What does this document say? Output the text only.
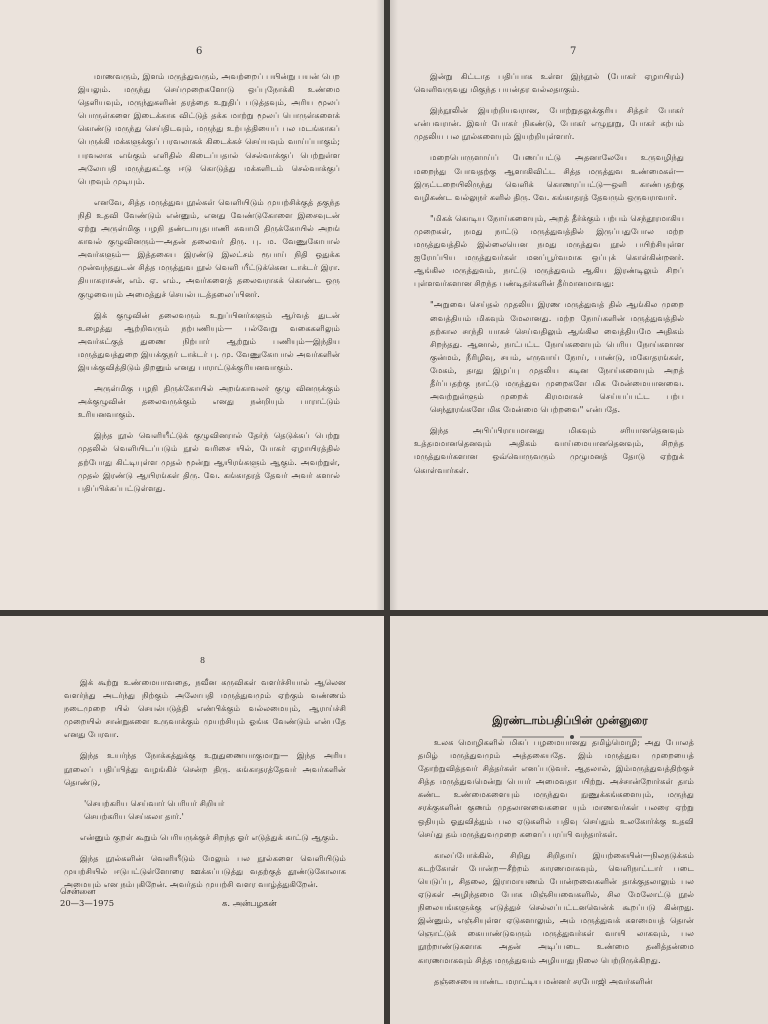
6

மாணவரும், இளம் மருத்துவரும், அவற்றைப் பயின்று பயன் பெற இயலும். மருந்து செய்முறைகளோடு ஒப்புநோக்கி உண்மை தெளியவும், மருந்துகளின் தரத்தை உறுதிப் படுத்தவும், அரிய மூலப் பொருள்களை இடைக்காக விட்டுத் தக்க மாற்று மூலப் பொருள்களைக் கொண்டு மருந்து செய்திடவும், மருந்து உற்பத்தியைப் பல மடங்காகப் பெருக்கி மக்களுக்குப் பரவலாகக் கிடைக்கச் செய்யவும் வாய்ப்பாகும்; பரவலாக எங்கும் எளிதில் கிடைப்பதால் செல்வாக்குப் பெற்றுள்ள அலோபதி மருந்துகட்கு ஈடு கொடுத்து மக்களிடம் செல்வாக்குப் பெறவும் முடியும்.

எனவே, சித்த மருத்துவ நூல்கள் வெளியிடும் முயற்சிக்குத் தகுந்த நிதி உதவி வேண்டும் என்னும், எனது வேண்டுகோளை இசைவுடன் ஏற்று அருள்மிகு பழநி தண்டாயுதபாணி சுவாமி திருக்கோயில் அறங் காவல் குழுவினரும்—அதன் தலைவர் திரு. பு. ம. வேணுகோபால் அவர்களும்— இத்தகைய இரண்டு இலட்சம் ரூபாய் நிதி ஒதுக்க முன்வந்ததுடன் சித்த மருத்துவ நூல் வெளி யீட்டுக்கென டாக்டர் இரா. தியாகராசன், எம். ஏ. எம்., அவர்களைத் தலைவராகக் கொண்ட ஒரு குழுவையும் அமைத்துச் செயல்படத்தலைப்பினர்.

இக் குழுவின் தலைவரும் உறுப்பினர்களும் ஆர்வத் துடன் உழைத்து ஆற்றிவரும் நற்பணியும்— பல்வேறு வகைகளிலும் அவர்கட்குத் துணை நிற்பார் ஆற்றும் பணியும்—இந்திய மருத்துவத்துறை இயக்குநர் டாக்டர் பு. மு. வேணுகோபால் அவர்களின் இயக்குவித்திடும் திறனும் எனது பாராட்டுக்குரியனவாகும்.

அருள்மிகு பழநி திருக்கோயில் அறங்காவலர் குழு வினருக்கும் அக்குழுவின் தலைவருக்கும் எனது நன்றியும் பாராட்டும் உரியனவாகும்.

இந்த நூல் வெளியீட்டுக் குழுவினரால் தேர்ந் தெடுக்கப் பெற்று முதலில் வெளியிடப்படும் நூல் வரிசை யில், போகர் ஏழாயிரத்தில் தற்போது கிட்டியுள்ள முதல் மூன்று ஆயிரங்களும் ஆகும். அவற்றுள், முதல் இரண்டு ஆயிரங்கள் திரு. வே. கங்காதரத் தேவர் அவர் களால் பதிப்பிக்கப்பட்டுள்ளது.

7

இன்று கிட்டாத பதிப்பாக உள்ள இந்நூல் (போகர் ஏழாயிரம்) வெளிவருவது மிகுந்த பயன்தர வல்லதாகும்.

இந்நூலின் இயற்றியவரான, போற்றுதலுக்குரிய சித்தர் போகர் என்பவரான். இவர் போகர் நிகண்டு, போகர் எழுநூறு, போகர் கற்பம் முதலிய பல நூல்களையும் இயற்றியுள்ளார்.

மறைபொருளாய்ப் பேணப்பட்டு அதனாலேயே உருவழிந்து மறைந்து போவதற்கு ஆளாகிவிட்ட சித்த மருத்துவ உண்மைகள்—இருட்டறையிலிருந்து வெளிக் கொணரப்பட்டு—ஒளி காண்பதற்கு வழிகண்ட வல்லுநர் களில் திரு. வே. கங்காதரத் தேவரும் ஒருவராவார்.

"மிகக் கொடிய நோய்களையும், அறத் தீர்க்கும் பற்பம் செந்தூரமாகிய முறைகள், நமது நாட்டு மருத்துவத்தில் இருப்பதுபோல மற்ற மருத்துவத்தில் இல்லையென நமது மருத்துவ நூல் பயிற்சியுள்ள ஐரோப்பிய மருத்துவர்கள் மனப்பூர்வமாக ஒப்புக் கொள்கின்றனர். ஆங்கில மருத்துவம், நாட்டு மருத்துவம் ஆகிய இரண்டிலும் சிறப் புள்ளவர்களான சிறந்த பண்டிதர்களின் தீர்மானமாவது:

"அறுவை செய்தல் முதலிய இரண மருத்துவத் தில் ஆங்கில முறை வைத்தியம் மிகவும் மேலானது. மற்ற நோய்களின் மருத்துவத்தில் தற்கால சாந்தி யாகச் செய்வதிலும் ஆங்கில வைத்தியமே அதிகம் சிறந்தது. ஆனால், நாட்பட்ட நோய்களையும் பெரிய நோய்களான குன்மம், நீரிழிவு, சயம், எருவாய் நோய், பாண்டு, மகோதரங்கள், மேகம், தாது இழப்பு முதலிய கடின நோய்களையும் அறத் தீர்ப்பதற்கு நாட்டு மருத்துவ முறைகளே மிக மேன்மையானவை. அவற்றுள்ளும் முறைக் கிரமமாகச் செய்யப்பட்ட பற்ப செந்தூரங்களே மிக மேன்மை பெற்றவை" என்பதே.

இந்த அபிப்பிராயமானது மிகவும் சரியானதெனவும் உத்தமமானதெனவும் அதிகம் வாய்மையானதெனவும், சிறந்த மருத்துவர்களான ஒவ்வொருவரும் முழுமனத் தோடு ஏற்றுக் கொள்வார்கள்.

8

இக் கூற்று உண்மையாவதை, நவீன கருவிகள் வளர்ச்சியால் ஆலென வளர்ந்து அடர்ந்து நிற்கும் அலோபதி மருத்துவமும் ஏற்கும் வண்ணம் நடைமுறை யில் செயல்படுத்தி எண்பிக்கும் வல்லமையும், ஆராய்ச்சி முறையில் சான்றுகளை உருவாக்கும் முயற்சியும் ஓங்க வேண்டும் என்பதே எனது பேரவா.

இந்த உயர்ந்த நோக்கத்துக்கு உறுதுணையாகுமாறு— இந்த அரிய நூலைப் பதிப்பித்து வழங்கிச் சென்ற திரு. கங்காதரத்தேவர் அவர்களின் தொண்டு,

'செயற்கரிய செய்வார் பெரியர் சிறியர்
செயற்கரிய செய்கலா தார்.'

என்னும் குறள் கூறும் பெரியருக்குச் சிறந்த ஓர் எடுத்துக் காட்டு ஆகும்.

இந்த நூல்களின் வெளியீடும் மேலும் பல நூல்களை வெளியிடும் முயற்சியில் ஈடுபட்டுள்ளோரை ஊக்கப்படுத்து வதற்குத் தூண்டுகோலாக அமையும் என நம்புகிறேன். அவர்தம் முயற்சி வளர வாழ்த்துகிறேன்.

சென்னை
20—3—1975	க. அன்பழகன்
இரண்டாம்பதிப்பின் முன்னுரை

உலக மொழிகளில் மிகப் பழமையானது தமிழ்மொழி; அது போலத் தமிழ் மருத்துவமும் அத்தகையதே. இம் மருத்துவ முறையைத் தோற்றுவித்தவர் சித்தர்கள் எனப்படுவர். ஆதலால், இம்மருத்துவத்திற்குச் சித்த மருத்துவமென்று பெயர் அமைவதா யிற்று. அச்சான்றோர்கள் தாம் கண்ட உண்மைகளையும் மருந்துவ நுணுக்கங்களையும், மருந்து சரக்குகளின் குணம் முதலானவைகளை யும் மாணவர்கள் பலரை ஏற்று ஒதியும் ஓதுவித்தும் பல ஏடுகளில் பதிவு செய்தும் உலகோர்க்கு உதவி செய்து தம் மருத்துவமுறை களைப் பரப்பி வந்தார்கள்.

காலப்போக்கில், சிறிது சிறிதாய் இயற்கையின்—நிலநடுக்கம் கடற்கோள் போன்ற—சீற்றம் காரணமாகவும், வெளிநாட்டார் படை யெடுப்பு, சிதலை, இராமாயணம் போன்றவைகளின் தாக்குதலாலும் பல ஏடுகள் அழிந்தமை போக மிஞ்சியவைகளில், சில மேலோட்டு நூல் நிலையங்களுக்கு எடுத்துச் செல்லப்பட்டனவென்க் கூறப்படு கின்றது. இன்னும், எஞ்சியுள்ள ஏடுகளாலும், அம் மருத்துவக் களமையத் தொன் ஞொட்டுக் கையாண்டுவரும் மருத்துவர்கள் வாயி லாகவும், பல நூற்றாண்டுகளாக அதன் அடிப்படை உண்மை தனித்தன்மை காரணமாகவும் சித்த மருத்துவம் அழியாது நிலை பெற்றிருக்கிறது.

தஞ்சையையாண்ட மராட்டிய மன்னர் சரபோஜி அவர்களின்
